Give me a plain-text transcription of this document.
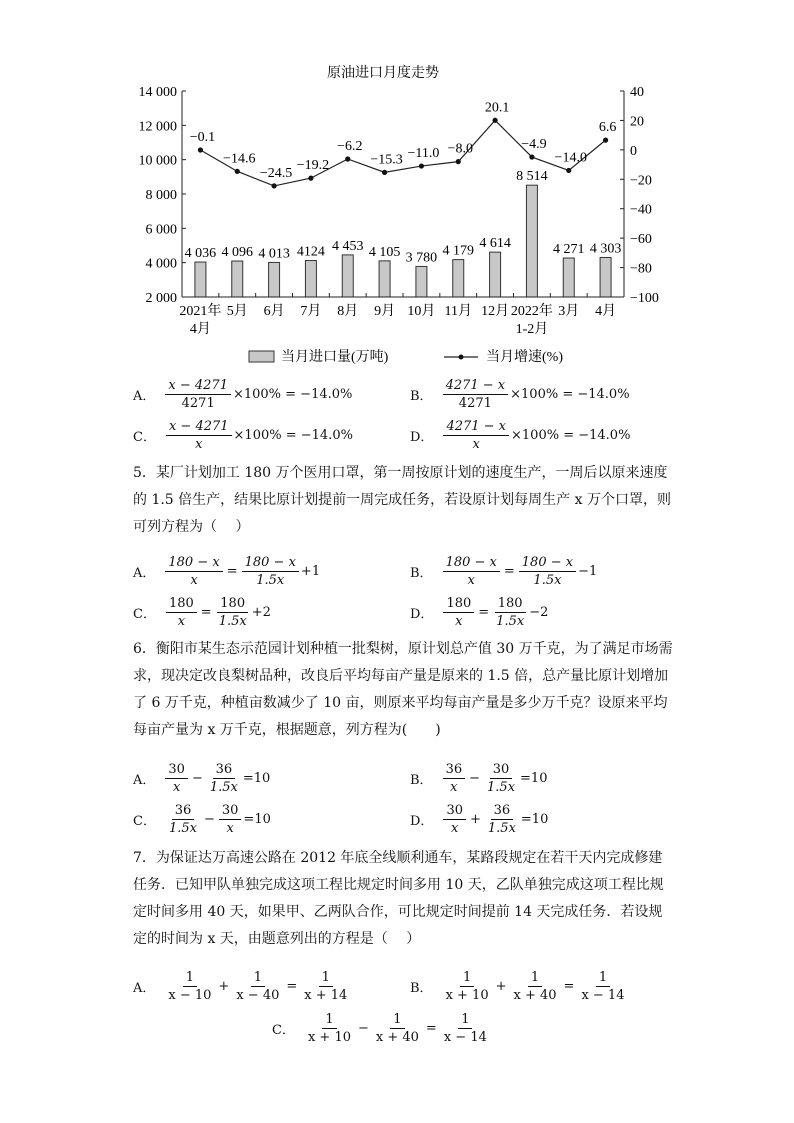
原油进口月度走势
4 036 4 096 4 013 4124 4 453 4 105 3 780 4 179 4 614
8 514
4 271 4 303
2 000
4 000
6 000
8 000
10 000
12 000
14 000	40
20
0
−20
−40
−60
−80
−100
2021年 4月
5月 6月 7月 8月 9月 10月 11月 12月 2022年 1-2月
3月 4月
−0.1
−14.6
−24.5
−19.2
−6.2
−15.3 −11.0 −8.0
20.1
−4.9
−14.0
6.6
当月进口量(万吨)	当月增速(%)
A． $\frac{x - 4271}{4271} \times 100\% = -14.0\%$	B． $\frac{4271 - x}{4271} \times 100\% = -14.0\%$
C． $\frac{x - 4271}{x} \times 100\% = -14.0\%$	D． $\frac{4271 - x}{x} \times 100\% = -14.0\%$
5．某厂计划加工 180 万个医用口罩，第一周按原计划的速度生产，一周后以原来速度的 1.5 倍生产，结果比原计划提前一周完成任务，若设原计划每周生产 x 万个口罩，则可列方程为（　 ）
A． $\frac{180 - x}{x} = \frac{180 - x}{1.5x} +1$	B． $\frac{180 - x}{x} = \frac{180 - x}{1.5x} -1$
C． $\frac{180}{x} = \frac{180}{1.5x} +2$	D． $\frac{180}{x} = \frac{180}{1.5x} -2$
6．衡阳市某生态示范园计划种植一批梨树，原计划总产值 30 万千克，为了满足市场需求，现决定改良梨树品种，改良后平均每亩产量是原来的 1.5 倍，总产量比原计划增加了 6 万千克，种植亩数减少了 10 亩，则原来平均每亩产量是多少万千克？设原来平均每亩产量为 x 万千克，根据题意，列方程为(　　)
A． $\frac{30}{x} - \frac{36}{1.5x} =10$	B． $\frac{36}{x} - \frac{30}{1.5x} =10$
C． $\frac{36}{1.5x} - \frac{30}{x} =10$	D． $\frac{30}{x} + \frac{36}{1.5x} =10$
7．为保证达万高速公路在 2012 年底全线顺利通车，某路段规定在若干天内完成修建任务．已知甲队单独完成这项工程比规定时间多用 10 天，乙队单独完成这项工程比规定时间多用 40 天，如果甲、乙两队合作，可比规定时间提前 14 天完成任务．若设规定的时间为 x 天，由题意列出的方程是（　 ）
A． $\frac{1}{x - 10} + \frac{1}{x - 40} = \frac{1}{x + 14}$	B． $\frac{1}{x + 10} + \frac{1}{x + 40} = \frac{1}{x - 14}$
C． $\frac{1}{x + 10} - \frac{1}{x + 40} = \frac{1}{x - 14}$
